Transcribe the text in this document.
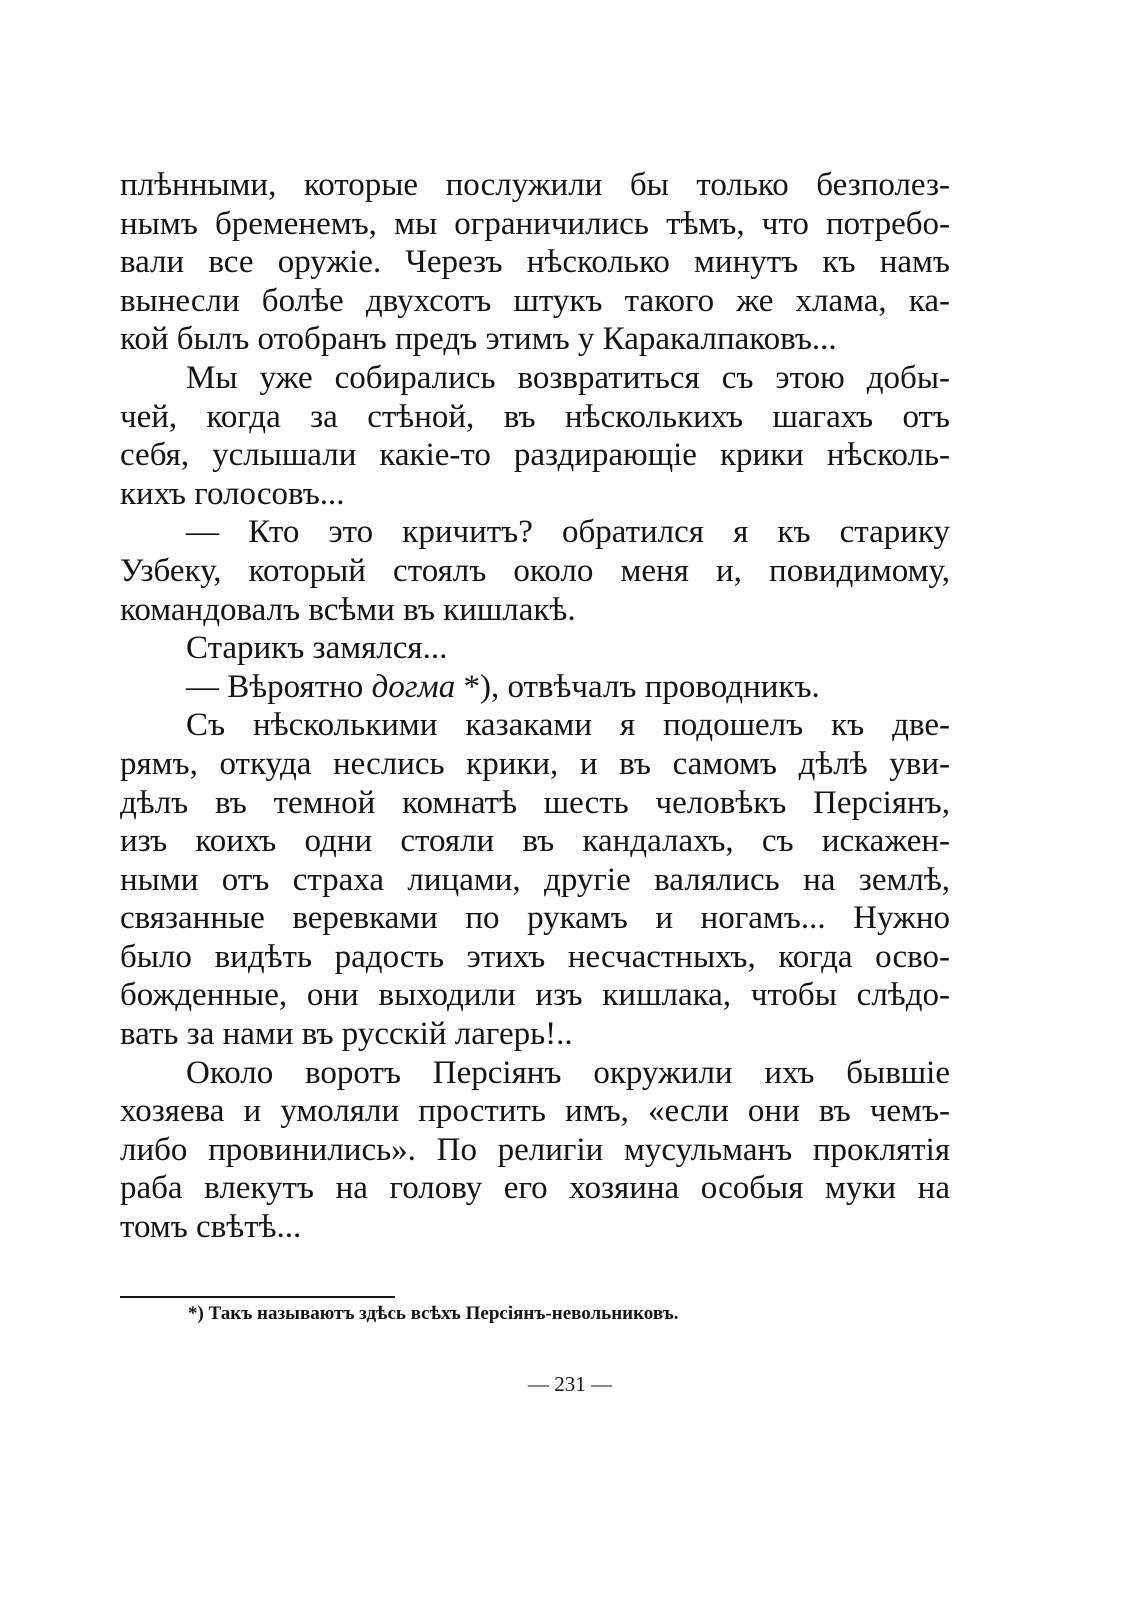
плѣнными, которые послужили бы только безполез-
нымъ бременемъ, мы ограничились тѣмъ, что потребо-
вали все оружіе. Черезъ нѣсколько минутъ къ намъ
вынесли болѣе двухсотъ штукъ такого же хлама, ка-
кой былъ отобранъ предъ этимъ у Каракалпаковъ...
Мы уже собирались возвратиться съ этою добы-
чей, когда за стѣной, въ нѣсколькихъ шагахъ отъ
себя, услышали какіе-то раздирающіе крики нѣсколь-
кихъ голосовъ...
— Кто это кричитъ? обратился я къ старику
Узбеку, который стоялъ около меня и, повидимому,
командовалъ всѣми въ кишлакѣ.
Старикъ замялся...
— Вѣроятно догма *), отвѣчалъ проводникъ.
Съ нѣсколькими казаками я подошелъ къ две-
рямъ, откуда неслись крики, и въ самомъ дѣлѣ уви-
дѣлъ въ темной комнатѣ шесть человѣкъ Персіянъ,
изъ коихъ одни стояли въ кандалахъ, съ искажен-
ными отъ страха лицами, другіе валялись на землѣ,
связанные веревками по рукамъ и ногамъ... Нужно
было видѣть радость этихъ несчастныхъ, когда осво-
божденные, они выходили изъ кишлака, чтобы слѣдо-
вать за нами въ русскій лагерь!..
Около воротъ Персіянъ окружили ихъ бывшіе
хозяева и умоляли простить имъ, «если они въ чемъ-
либо провинились». По религіи мусульманъ проклятія
раба влекутъ на голову его хозяина особыя муки на
томъ свѣтѣ...
*) Такъ называютъ здѣсь всѣхъ Персіянъ-невольниковъ.
— 231 —
